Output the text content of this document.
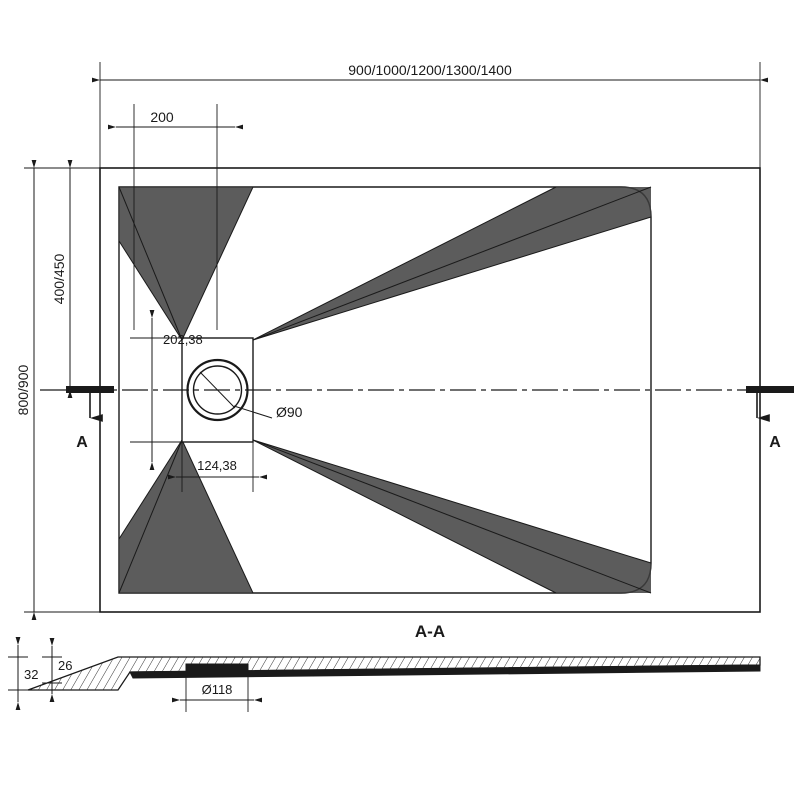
A	A
900/1000/1200/1300/1400
200
400/450
800/900
202,38
124,38
Ø90
A-A
32
26
Ø118
